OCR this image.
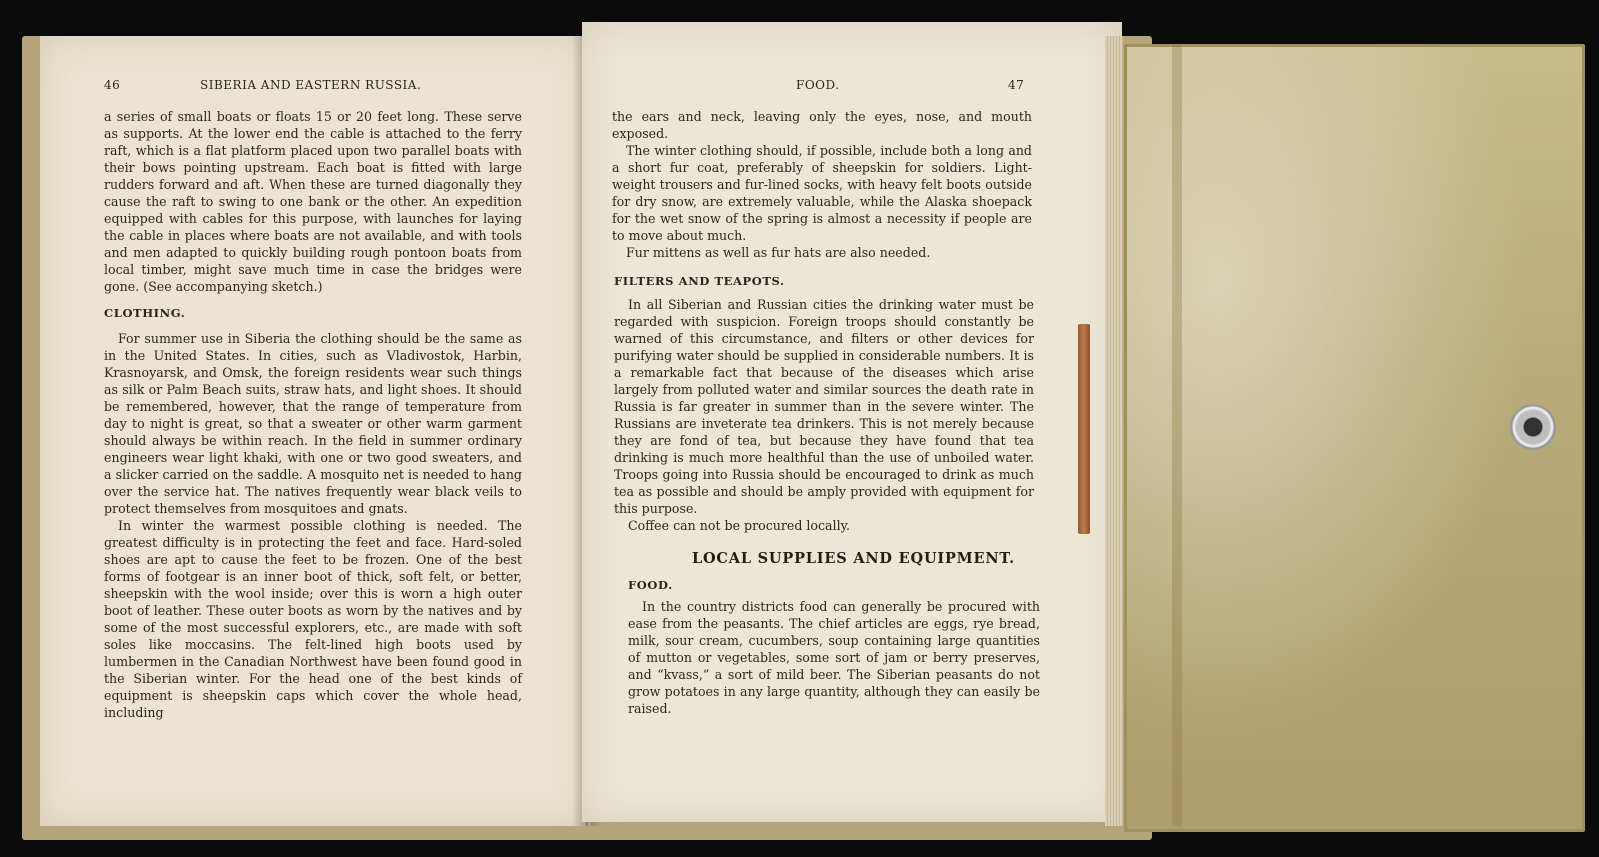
46	SIBERIA AND EASTERN RUSSIA.

a series of small boats or floats 15 or 20 feet long. These serve as supports. At the lower end the cable is attached to the ferry raft, which is a flat platform placed upon two parallel boats with their bows pointing upstream. Each boat is fitted with large rudders forward and aft. When these are turned diagonally they cause the raft to swing to one bank or the other. An expedition equipped with cables for this purpose, with launches for laying the cable in places where boats are not available, and with tools and men adapted to quickly building rough pontoon boats from local timber, might save much time in case the bridges were gone. (See accompanying sketch.)

CLOTHING.

For summer use in Siberia the clothing should be the same as in the United States. In cities, such as Vladivostok, Harbin, Krasnoyarsk, and Omsk, the foreign residents wear such things as silk or Palm Beach suits, straw hats, and light shoes. It should be remembered, however, that the range of temperature from day to night is great, so that a sweater or other warm garment should always be within reach. In the field in summer ordinary engineers wear light khaki, with one or two good sweaters, and a slicker carried on the saddle. A mosquito net is needed to hang over the service hat. The natives frequently wear black veils to protect themselves from mosquitoes and gnats.

In winter the warmest possible clothing is needed. The greatest difficulty is in protecting the feet and face. Hard-soled shoes are apt to cause the feet to be frozen. One of the best forms of footgear is an inner boot of thick, soft felt, or better, sheepskin with the wool inside; over this is worn a high outer boot of leather. These outer boots as worn by the natives and by some of the most successful explorers, etc., are made with soft soles like moccasins. The felt-lined high boots used by lumbermen in the Canadian Northwest have been found good in the Siberian winter. For the head one of the best kinds of equipment is sheepskin caps which cover the whole head, including

FOOD.	47

the ears and neck, leaving only the eyes, nose, and mouth exposed.

The winter clothing should, if possible, include both a long and a short fur coat, preferably of sheepskin for soldiers. Light-weight trousers and fur-lined socks, with heavy felt boots outside for dry snow, are extremely valuable, while the Alaska shoepack for the wet snow of the spring is almost a necessity if people are to move about much.

Fur mittens as well as fur hats are also needed.

FILTERS AND TEAPOTS.

In all Siberian and Russian cities the drinking water must be regarded with suspicion. Foreign troops should constantly be warned of this circumstance, and filters or other devices for purifying water should be supplied in considerable numbers. It is a remarkable fact that because of the diseases which arise largely from polluted water and similar sources the death rate in Russia is far greater in summer than in the severe winter. The Russians are inveterate tea drinkers. This is not merely because they are fond of tea, but because they have found that tea drinking is much more healthful than the use of unboiled water. Troops going into Russia should be encouraged to drink as much tea as possible and should be amply provided with equipment for this purpose.

Coffee can not be procured locally.

LOCAL SUPPLIES AND EQUIPMENT.
FOOD.

In the country districts food can generally be procured with ease from the peasants. The chief articles are eggs, rye bread, milk, sour cream, cucumbers, soup containing large quantities of mutton or vegetables, some sort of jam or berry preserves, and “kvass,” a sort of mild beer. The Siberian peasants do not grow potatoes in any large quantity, although they can easily be raised.
